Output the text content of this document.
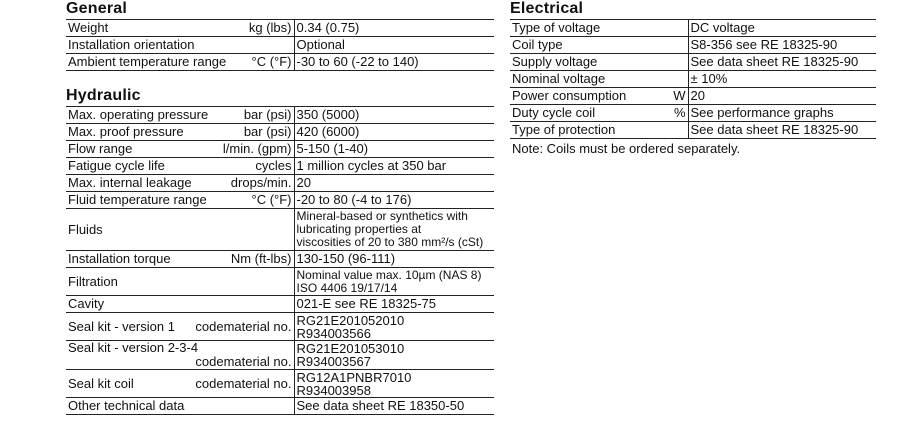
General
Weight kg (lbs)	0.34 (0.75)
Installation orientation	Optional
Ambient temperature range °C (°F)	-30 to 60 (-22 to 140)
Hydraulic
Max. operating pressure bar (psi)	350 (5000)
Max. proof pressure bar (psi)	420 (6000)
Flow range l/min. (gpm)	5-150 (1-40)
Fatigue cycle life cycles	1 million cycles at 350 bar
Max. internal leakage drops/min.	20
Fluid temperature range °C (°F)	-20 to 80 (-4 to 176)
Fluids	Mineral-based or synthetics with
lubricating properties at
viscosities of 20 to 380 mm²/s (cSt)

Installation torque Nm (ft-lbs)	130-150 (96-111)
Filtration	Nominal value max. 10µm (NAS 8)
ISO 4406 19/17/14

Cavity	021-E see RE 18325-75
Seal kit - version 1 codematerial no.	RG21E201052010
R934003566

Seal kit - version 2-3-4
codematerial no.	RG21E201053010
R934003567

Seal kit coil codematerial no.	RG12A1PNBR7010
R934003958

Other technical data	See data sheet RE 18350-50
Electrical
Type of voltage	DC voltage
Coil type	S8-356 see RE 18325-90
Supply voltage	See data sheet RE 18325-90
Nominal voltage	± 10%
Power consumption W	20
Duty cycle coil %	See performance graphs
Type of protection	See data sheet RE 18325-90
Note: Coils must be ordered separately.
